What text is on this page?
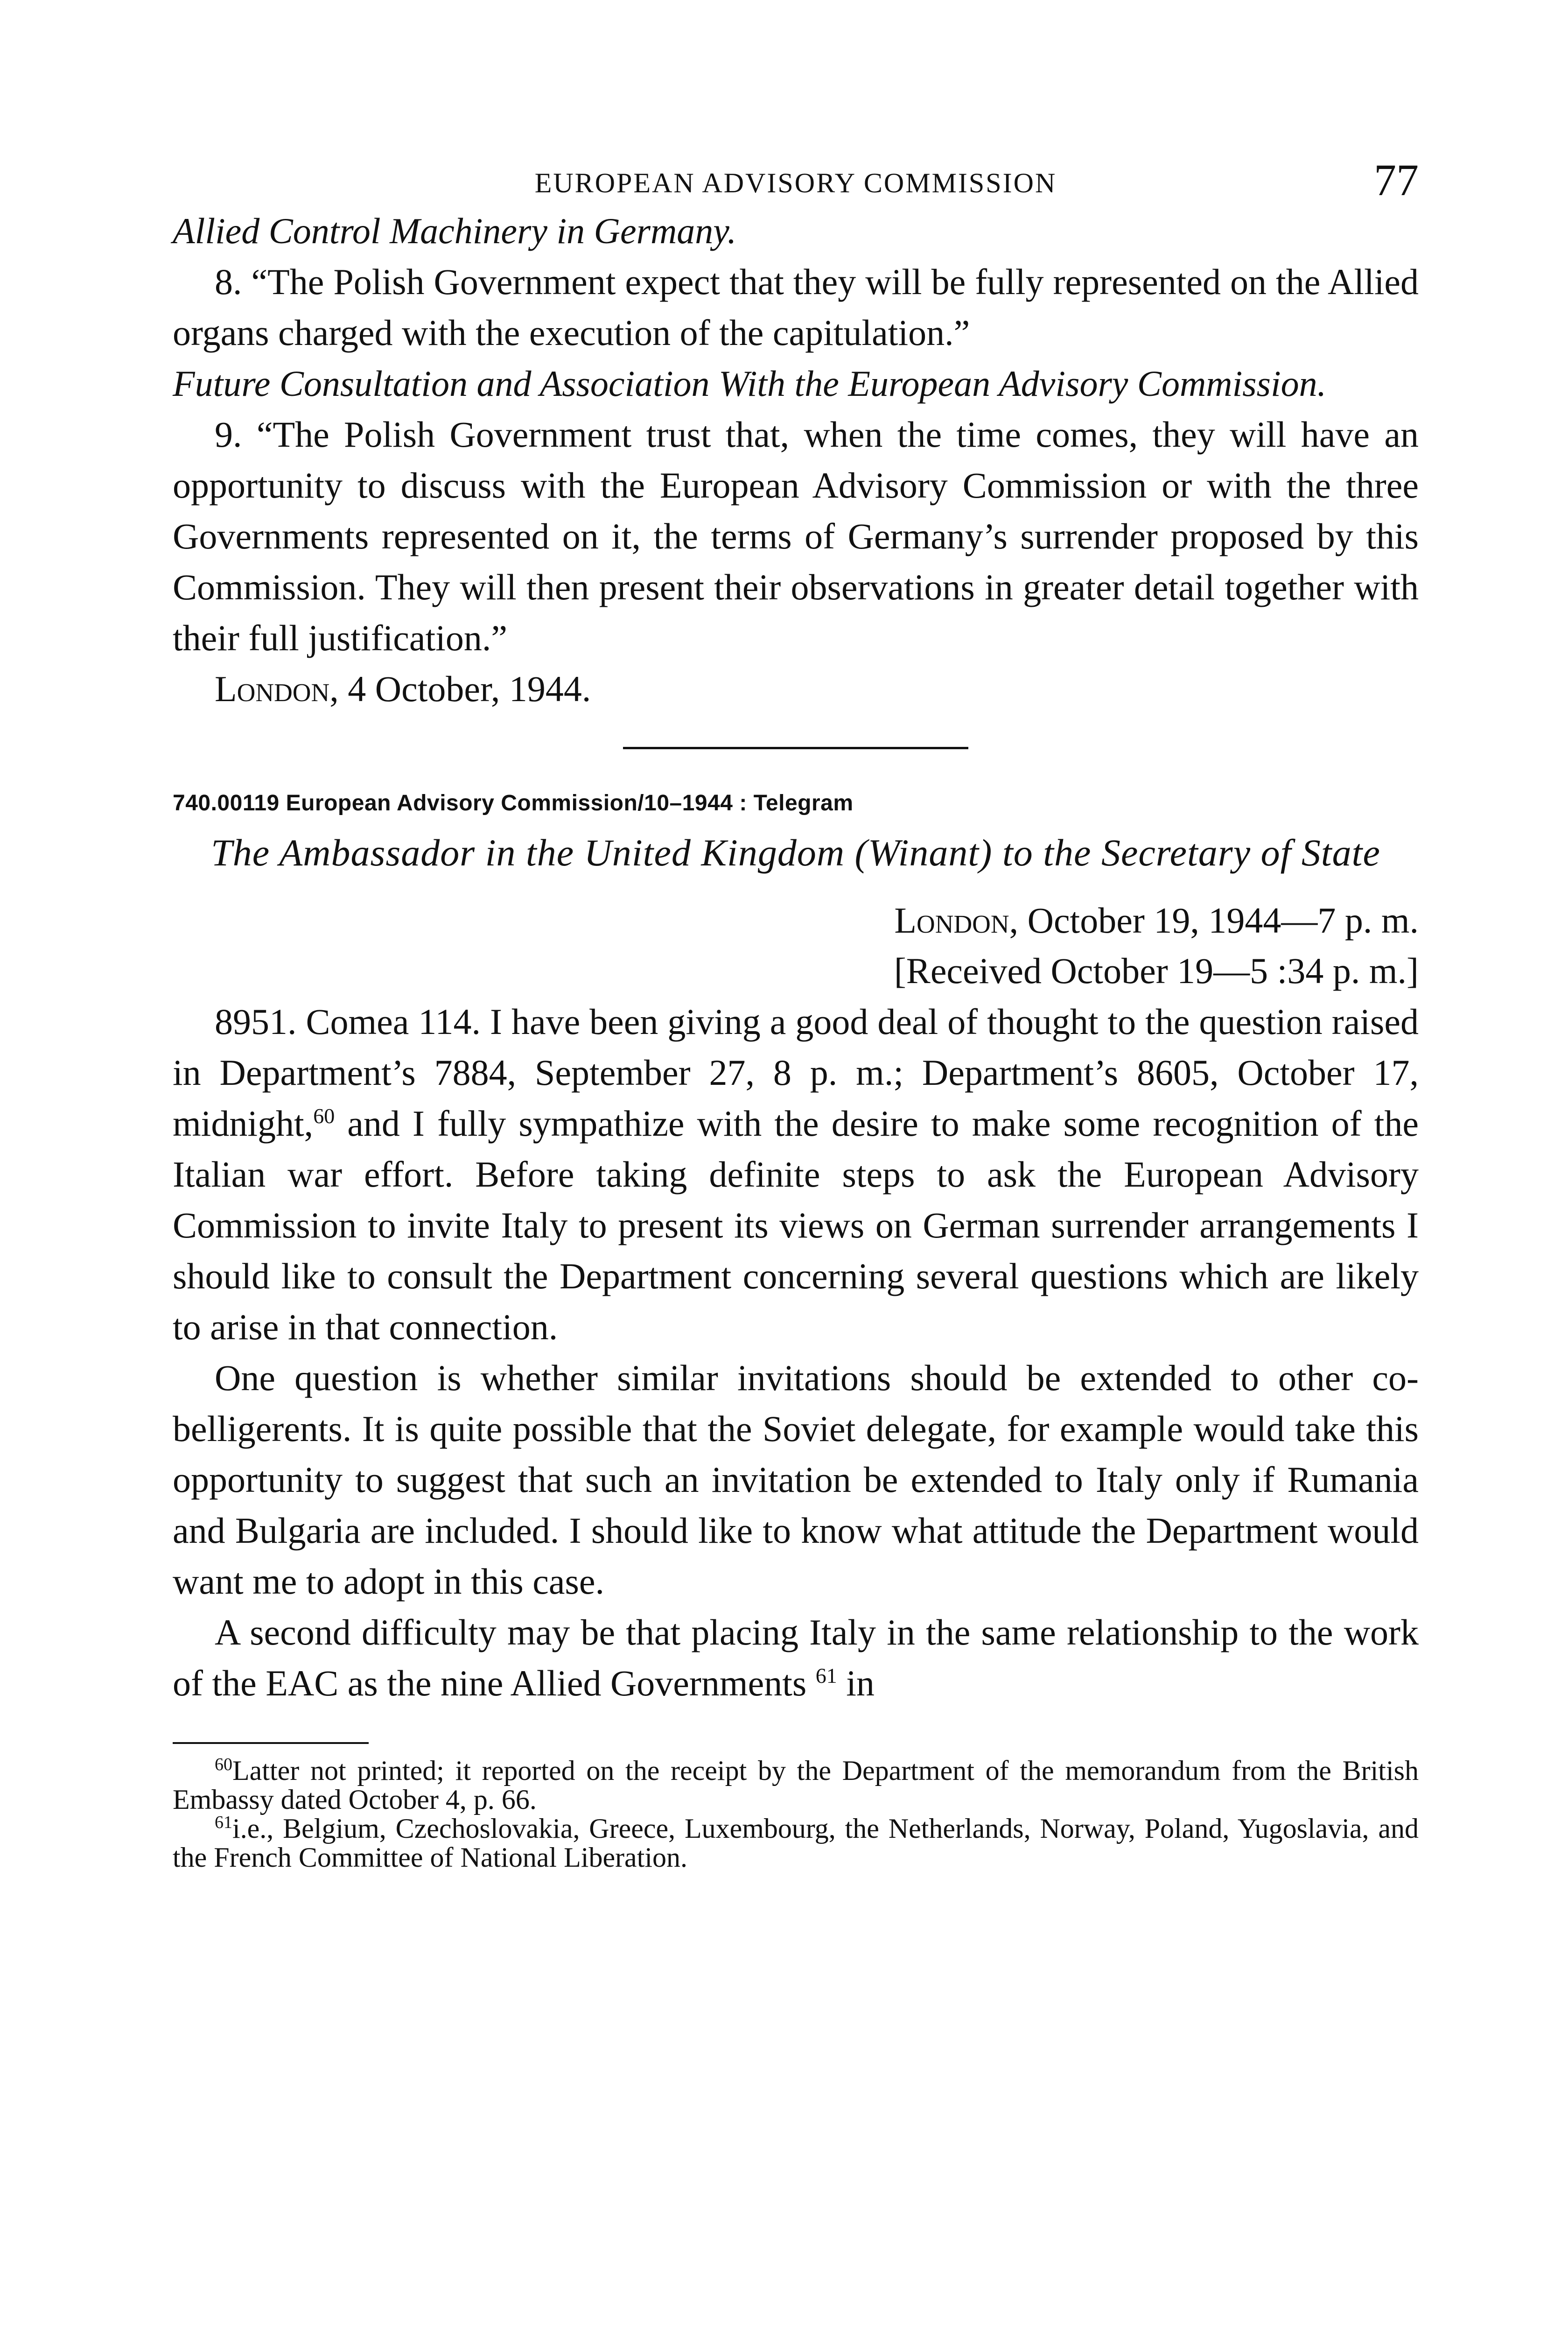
EUROPEAN ADVISORY COMMISSION	77

Allied Control Machinery in Germany.

8. “The Polish Government expect that they will be fully represented on the Allied organs charged with the execution of the capitulation.”

Future Consultation and Association With the European Advisory Commission.

9. “The Polish Government trust that, when the time comes, they will have an opportunity to discuss with the European Advisory Commission or with the three Governments represented on it, the terms of Germany’s surrender proposed by this Commission. They will then present their observations in greater detail together with their full justification.”

London, 4 October, 1944.

740.00119 European Advisory Commission/10–1944 : Telegram
The Ambassador in the United Kingdom (Winant) to the Secretary of State

London, October 19, 1944—7 p. m.

[Received October 19—5 :34 p. m.]

8951. Comea 114. I have been giving a good deal of thought to the question raised in Department’s 7884, September 27, 8 p. m.; Department’s 8605, October 17, midnight,$^{60}$ and I fully sympathize with the desire to make some recognition of the Italian war effort. Before taking definite steps to ask the European Advisory Commission to invite Italy to present its views on German surrender arrangements I should like to consult the Department concerning several questions which are likely to arise in that connection.

One question is whether similar invitations should be extended to other co-belligerents. It is quite possible that the Soviet delegate, for example would take this opportunity to suggest that such an invitation be extended to Italy only if Rumania and Bulgaria are included. I should like to know what attitude the Department would want me to adopt in this case.

A second difficulty may be that placing Italy in the same relationship to the work of the EAC as the nine Allied Governments $^{61}$ in

$^{60}$Latter not printed; it reported on the receipt by the Department of the memorandum from the British Embassy dated October 4, p. 66.

$^{61}$i.e., Belgium, Czechoslovakia, Greece, Luxembourg, the Netherlands, Norway, Poland, Yugoslavia, and the French Committee of National Liberation.
